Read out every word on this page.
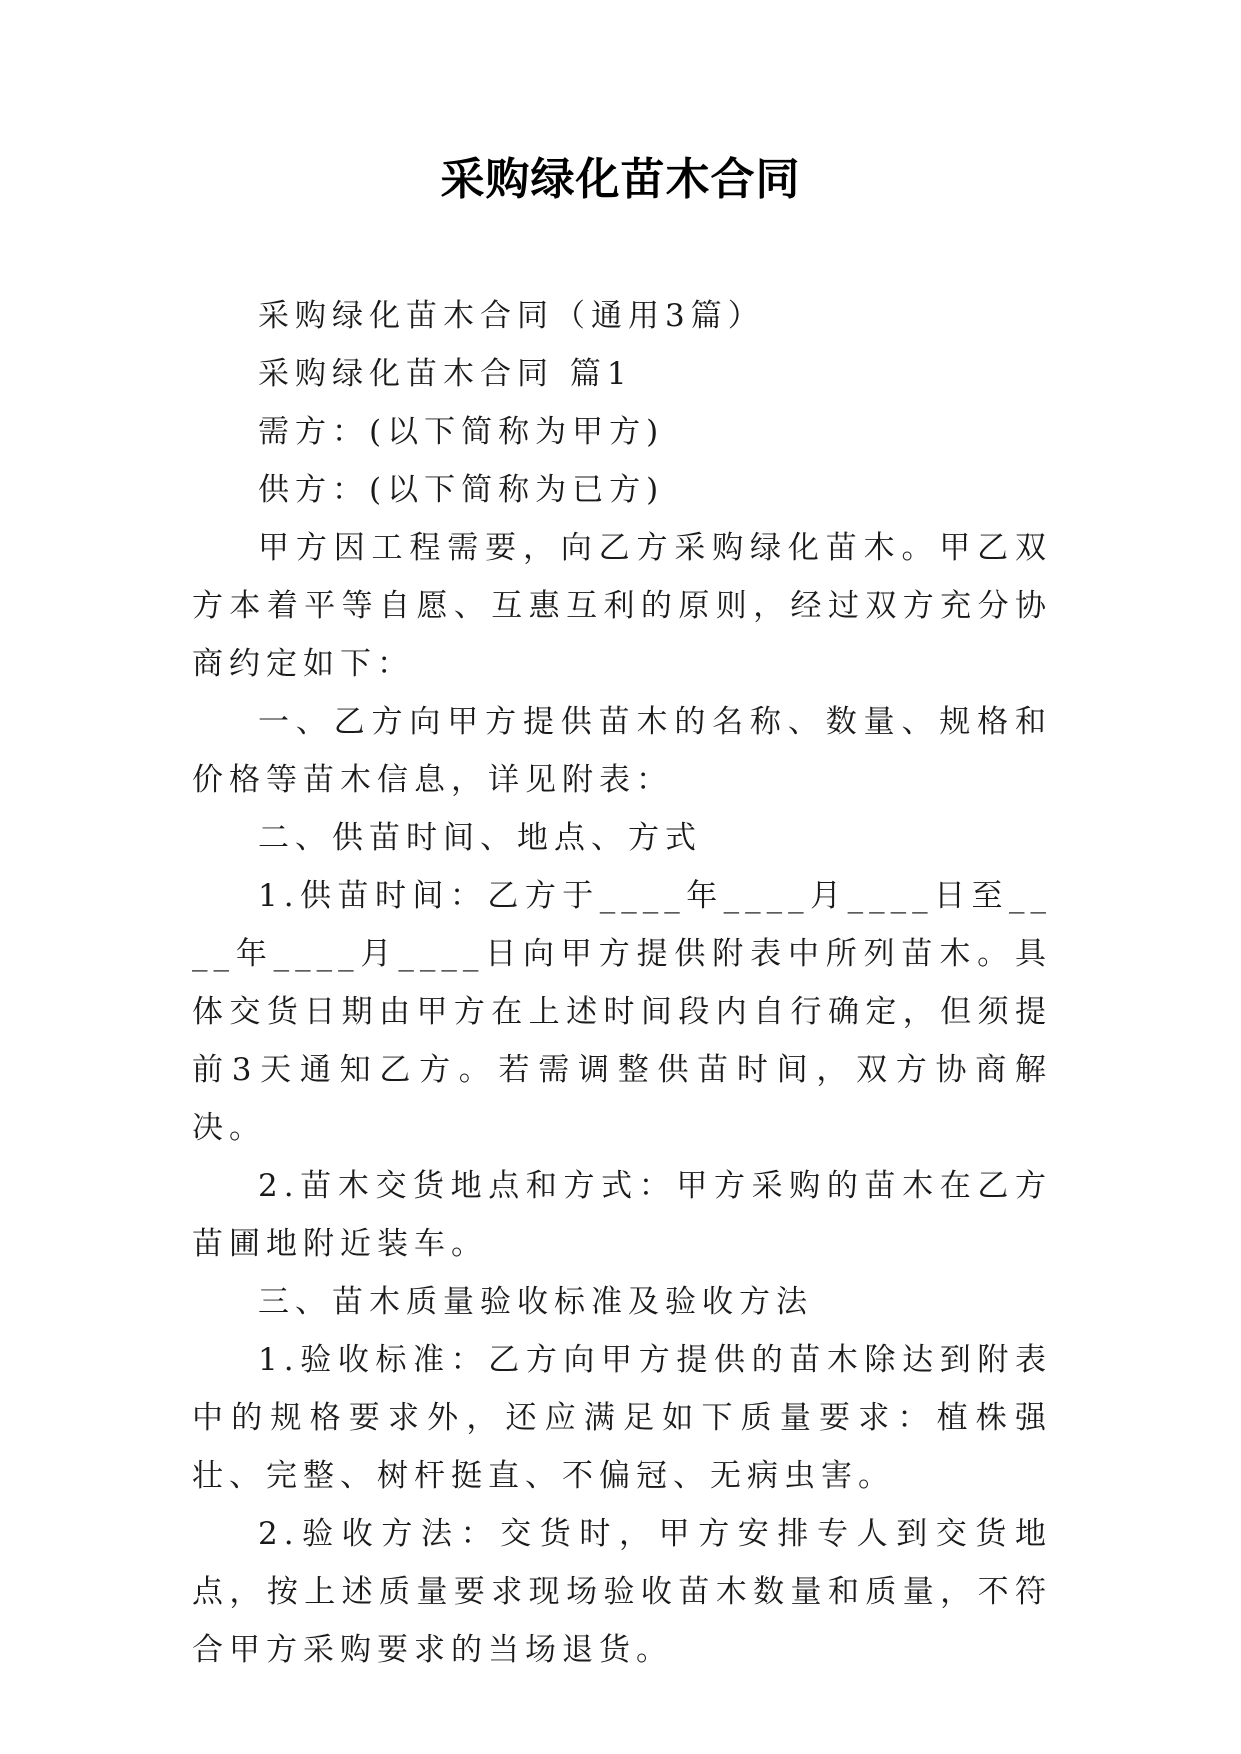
采购绿化苗木合同

采购绿化苗木合同（通用3篇）

采购绿化苗木合同 篇1

需方：(以下简称为甲方)

供方：(以下简称为已方)

甲方因工程需要，向乙方采购绿化苗木。甲乙双方本着平等自愿、互惠互利的原则，经过双方充分协商约定如下：

一、乙方向甲方提供苗木的名称、数量、规格和价格等苗木信息，详见附表：

二、供苗时间、地点、方式

1.供苗时间：乙方于____年____月____日至____年____月____日向甲方提供附表中所列苗木。具体交货日期由甲方在上述时间段内自行确定，但须提前3天通知乙方。若需调整供苗时间，双方协商解决。

2.苗木交货地点和方式：甲方采购的苗木在乙方苗圃地附近装车。

三、苗木质量验收标准及验收方法

1.验收标准：乙方向甲方提供的苗木除达到附表中的规格要求外，还应满足如下质量要求：植株强壮、完整、树杆挺直、不偏冠、无病虫害。

2.验收方法：交货时，甲方安排专人到交货地点，按上述质量要求现场验收苗木数量和质量，不符合甲方采购要求的当场退货。
